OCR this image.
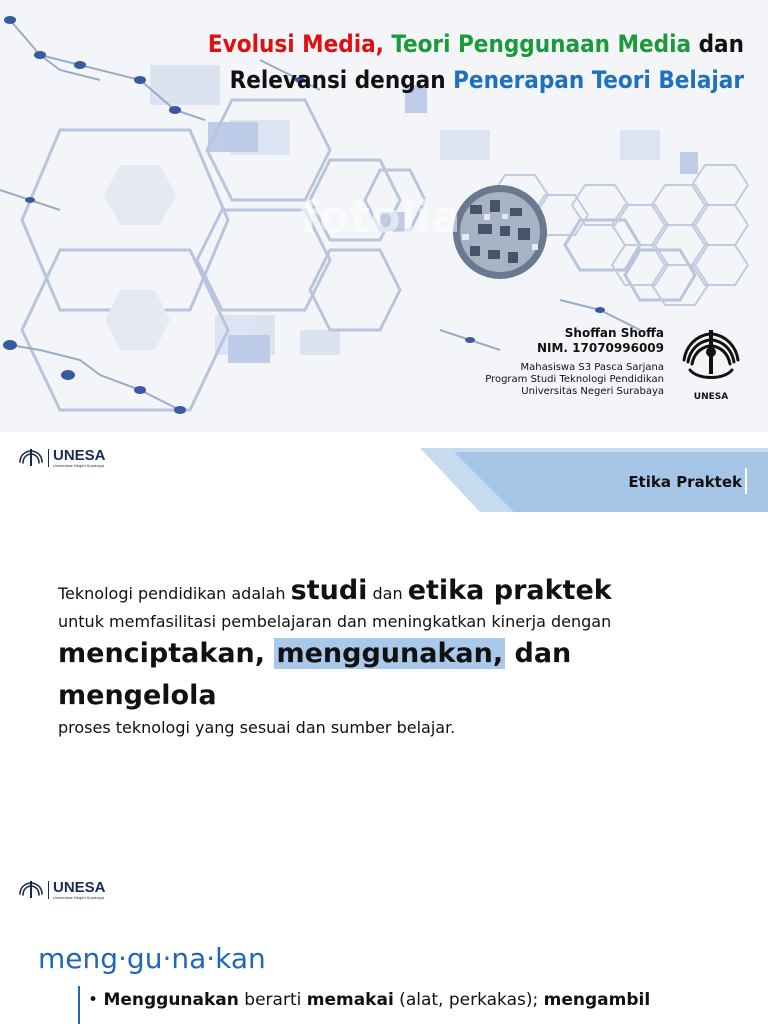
fotolia
Evolusi Media, Teori Penggunaan Media dan
Relevansi dengan Penerapan Teori Belajar
Shoffan Shoffa
NIM. 17070996009
Mahasiswa S3 Pasca Sarjana
Program Studi Teknologi Pendidikan
Universitas Negeri Surabaya	UNESA
UNESA
Universitas Negeri Surabaya
Etika Praktek
Teknologi pendidikan adalah studi dan etika praktek
untuk memfasilitasi pembelajaran dan meningkatkan kinerja dengan
menciptakan, menggunakan, dan mengelola
proses teknologi yang sesuai dan sumber belajar.
UNESA
Universitas Negeri Surabaya
meng·gu·na·kan
• Menggunakan berarti memakai (alat, perkakas); mengambil
